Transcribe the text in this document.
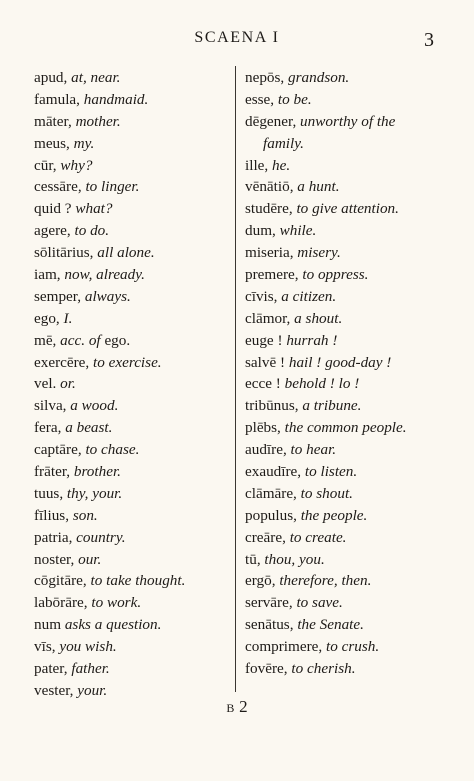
SCAENA I	3
apud, at, near.
famula, handmaid.
māter, mother.
meus, my.
cūr, why?
cessāre, to linger.
quid ? what?
agere, to do.
sōlitārius, all alone.
iam, now, already.
semper, always.
ego, I.
mē, acc. of ego.
exercēre, to exercise.
vel. or.
silva, a wood.
fera, a beast.
captāre, to chase.
frāter, brother.
tuus, thy, your.
fīlius, son.
patria, country.
noster, our.
cōgitāre, to take thought.
labōrāre, to work.
num asks a question.
vīs, you wish.
pater, father.
vester, your.
nepōs, grandson.
esse, to be.
dēgener, unworthy of the
family.
ille, he.
vēnātiō, a hunt.
studēre, to give attention.
dum, while.
miseria, misery.
premere, to oppress.
cīvis, a citizen.
clāmor, a shout.
euge ! hurrah !
salvē ! hail ! good-day !
ecce ! behold ! lo !
tribūnus, a tribune.
plēbs, the common people.
audīre, to hear.
exaudīre, to listen.
clāmāre, to shout.
populus, the people.
creāre, to create.
tū, thou, you.
ergō, therefore, then.
servāre, to save.
senātus, the Senate.
comprimere, to crush.
fovēre, to cherish.
B 2
